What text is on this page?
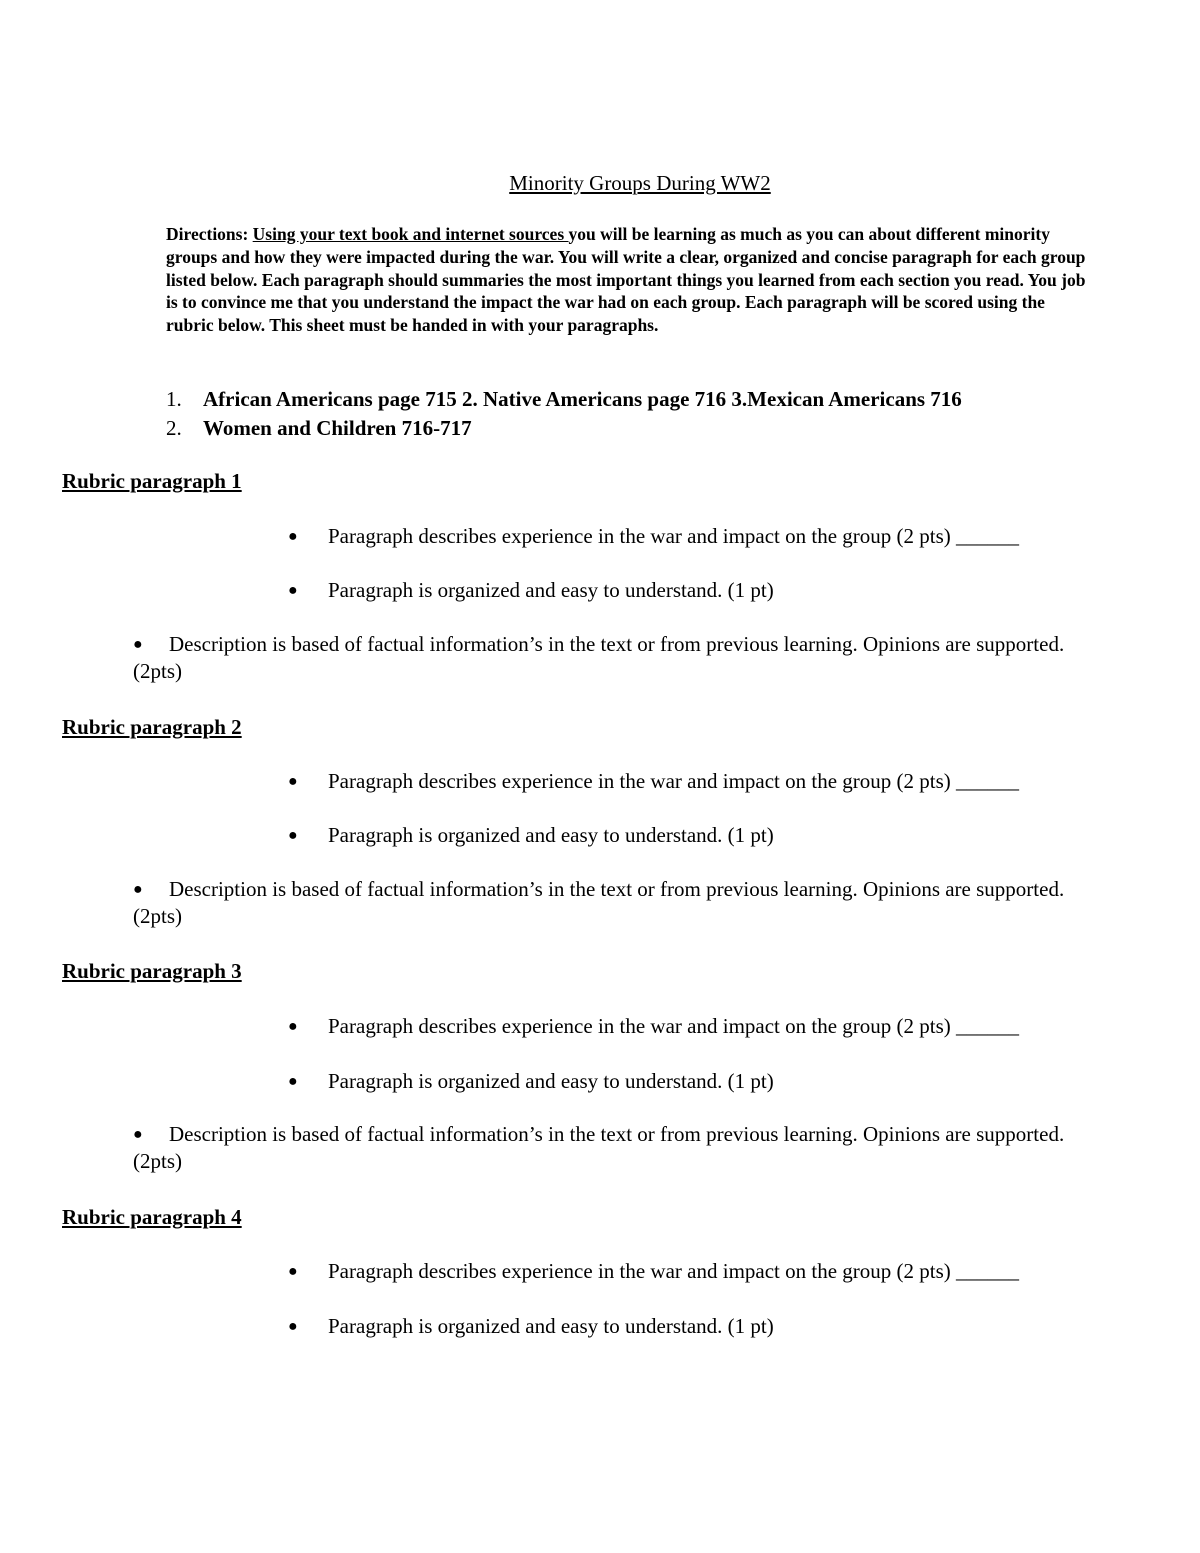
Minority Groups During WW2
Directions: Using your text book and internet sources you will be learning as much as you can about different minority groups and how they were impacted during the war. You will write a clear, organized and concise paragraph for each group listed below. Each paragraph should summaries the most important things you learned from each section you read. You job is to convince me that you understand the impact the war had on each group. Each paragraph will be scored using the rubric below. This sheet must be handed in with your paragraphs.
1. African Americans page 715 2. Native Americans page 716 3.Mexican Americans 716
2. Women and Children 716-717
Rubric paragraph 1
● Paragraph describes experience in the war and impact on the group (2 pts) ______
● Paragraph is organized and easy to understand. (1 pt)
● Description is based of factual information’s in the text or from previous learning. Opinions are supported. (2pts)
Rubric paragraph 2
● Paragraph describes experience in the war and impact on the group (2 pts) ______
● Paragraph is organized and easy to understand. (1 pt)
● Description is based of factual information’s in the text or from previous learning. Opinions are supported. (2pts)
Rubric paragraph 3
● Paragraph describes experience in the war and impact on the group (2 pts) ______
● Paragraph is organized and easy to understand. (1 pt)
● Description is based of factual information’s in the text or from previous learning. Opinions are supported. (2pts)
Rubric paragraph 4
● Paragraph describes experience in the war and impact on the group (2 pts) ______
● Paragraph is organized and easy to understand. (1 pt)
